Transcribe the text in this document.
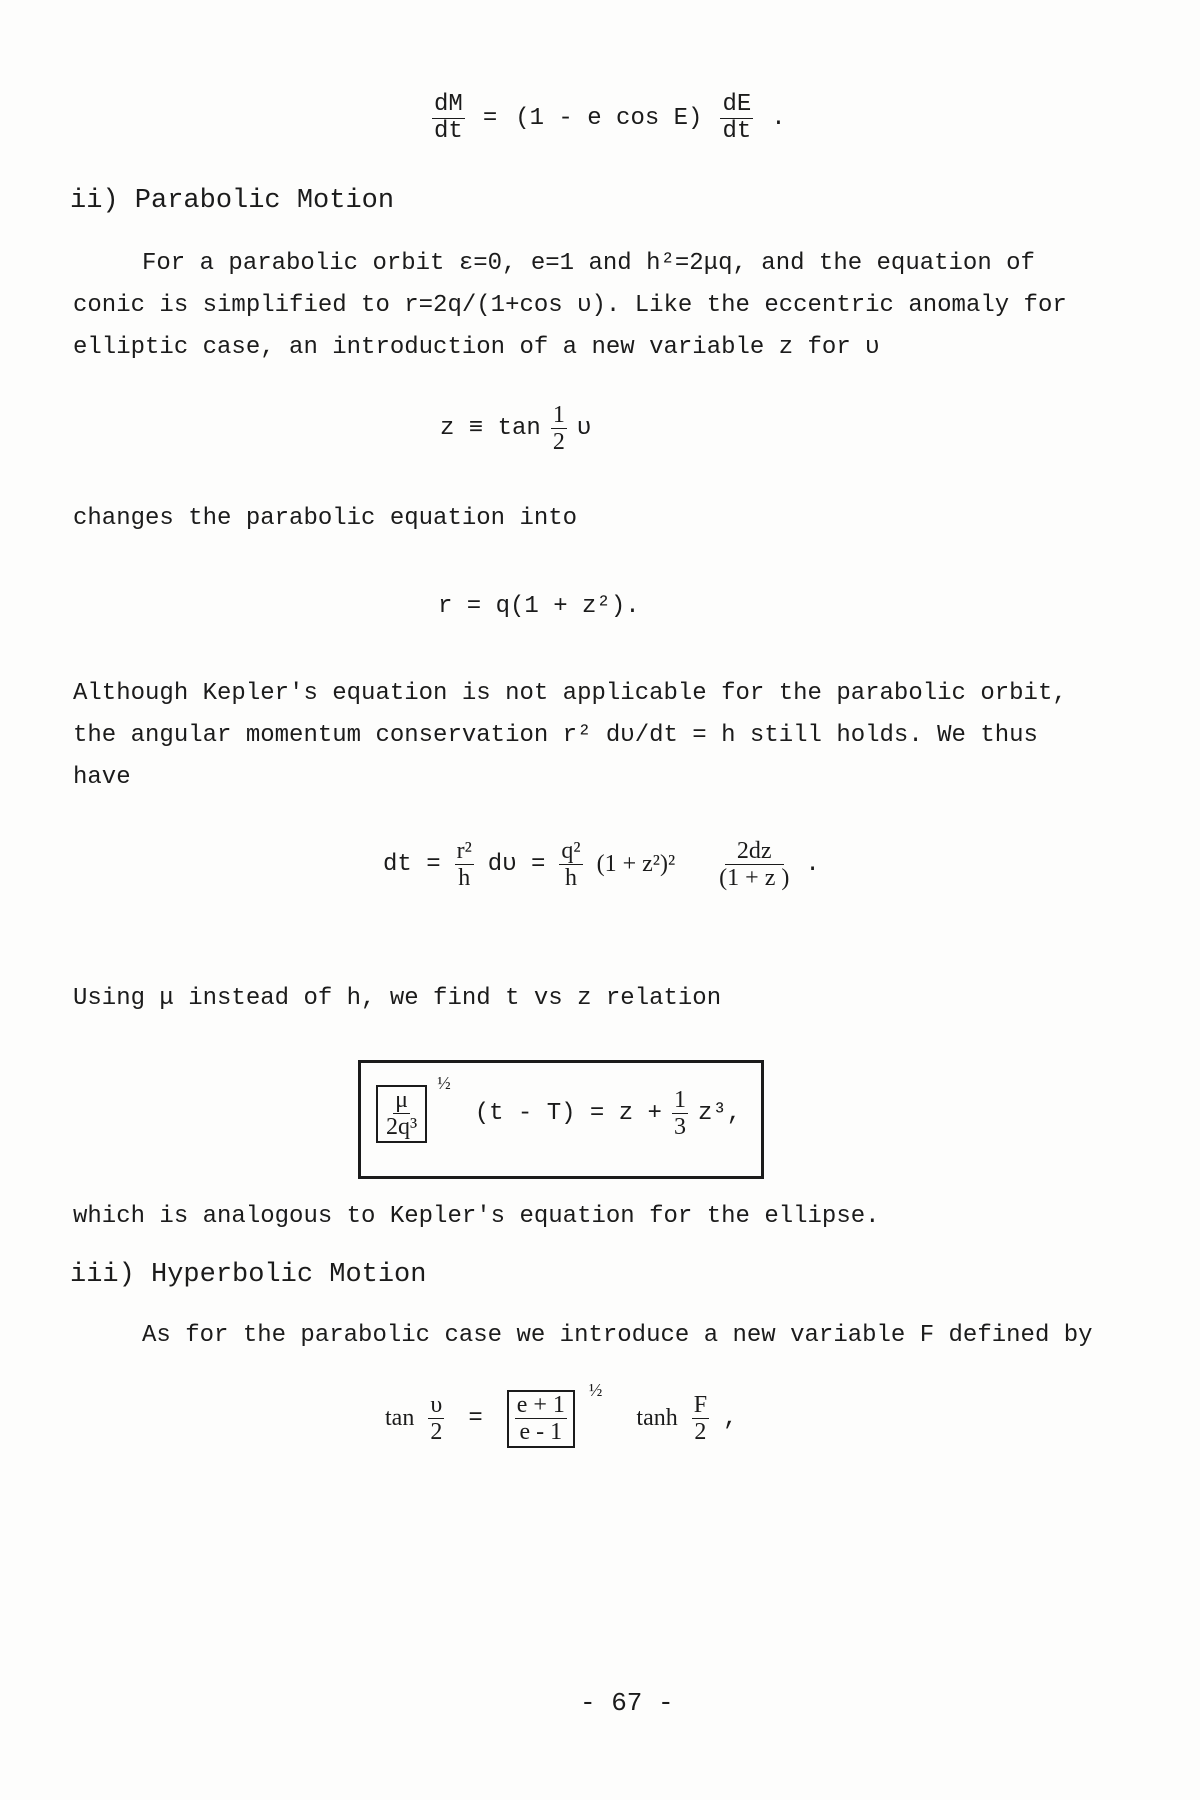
$\frac{dM}{dt} = (1 - e$ $\cos E) \frac{dE}{dt}$ .
ii) Parabolic Motion
For a parabolic orbit ε=0, e=1 and h²=2μq, and the equation of
conic is simplified to r=2q/(1+cos υ). Like the eccentric anomaly for
elliptic case, an introduction of a new variable z for υ
$z \equiv \tan \frac{1}{2}$ υ
changes the parabolic equation into
r = q(1 + z²).
Although Kepler's equation is not applicable for the parabolic orbit,
the angular momentum conservation r² dυ/dt = h still holds. We thus
have
dt = $\frac{\text{r²}}{h}$ $d\upsilon = \frac{\text{q²}}{h} (1 + z^2)^2 \frac{2dz}{(1 + z )}$ .
Using μ instead of h, we find t vs z relation
$\frac{\mu}{\text{2q³}}$
½
$(t - T) = z + \frac{1}{3} z^3$,
which is analogous to Kepler's equation for the ellipse.
iii) Hyperbolic Motion
As for the parabolic case we introduce a new variable F defined by
$\tan \frac{\upsilon}{2} = \frac{e + 1}{e - 1}$ ½
$\tanh \frac{F}{2}$ ,
- 67 -
